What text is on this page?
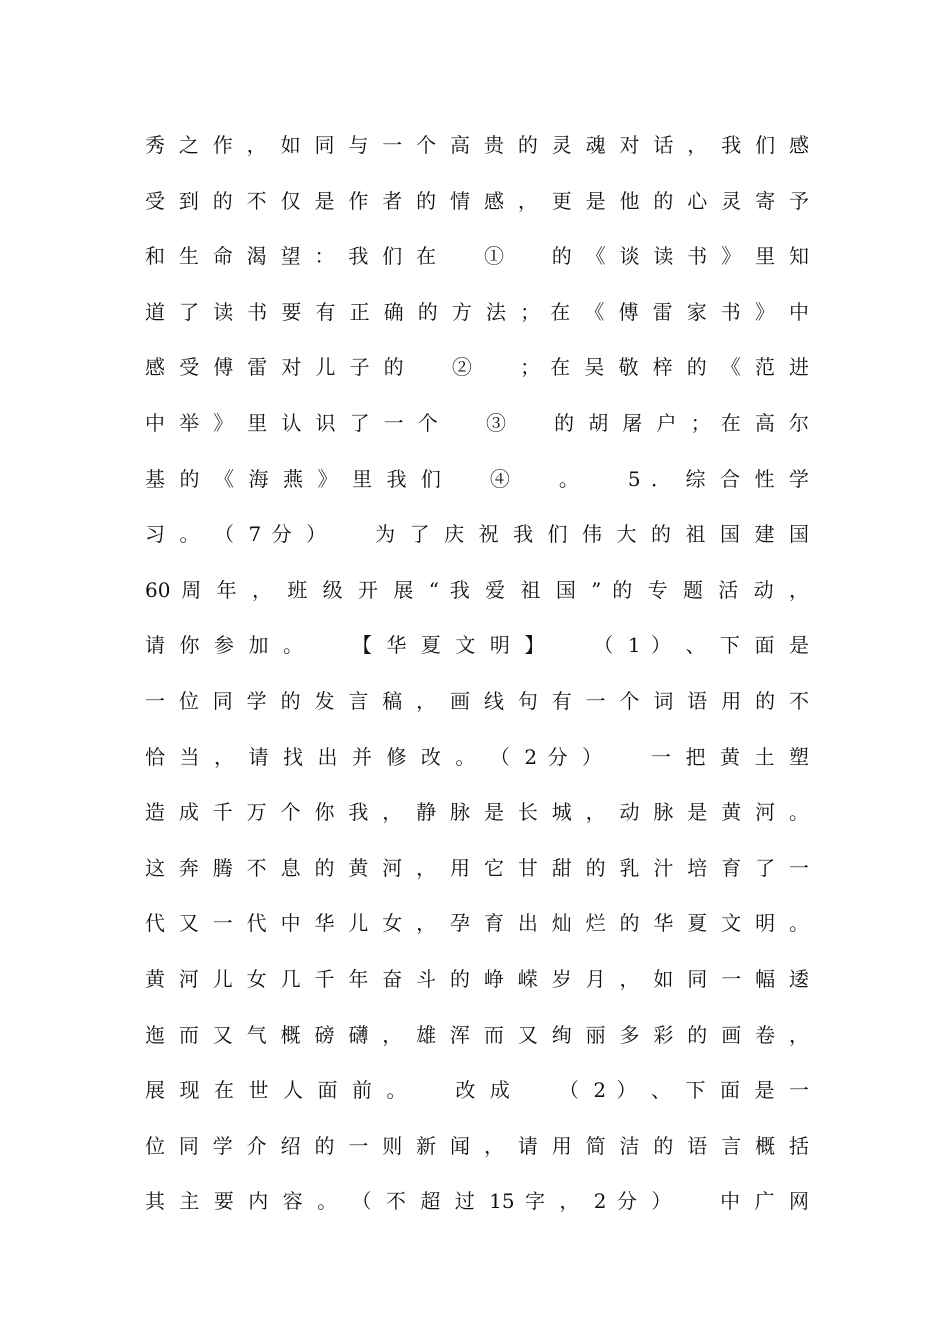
秀 之 作 ， 如 同 与 一 个 高 贵 的 灵 魂 对 话 ， 我 们 感
受 到 的 不 仅 是 作 者 的 情 感 ， 更 是 他 的 心 灵 寄 予
和 生 命 渴 望 ： 我 们 在 　 ① 　 的 《 谈 读 书 》 里 知
道 了 读 书 要 有 正 确 的 方 法 ； 在 《 傅 雷 家 书 》 中
感 受 傅 雷 对 儿 子 的 　 ② 　 ； 在 吴 敬 梓 的 《 范 进
中 举 》 里 认 识 了 一 个 　 ③ 　 的 胡 屠 户 ； 在 高 尔
基 的 《 海 燕 》 里 我 们 　 ④ 　 。 　 5 ． 综 合 性 学
习 。 （ 7 分 ） 　 为 了 庆 祝 我 们 伟 大 的 祖 国 建 国
60 周 年 ， 班 级 开 展 “ 我 爱 祖 国 ” 的 专 题 活 动 ，
请 你 参 加 。 　 【 华 夏 文 明 】 　 （ 1 ） 、 下 面 是
一 位 同 学 的 发 言 稿 ， 画 线 句 有 一 个 词 语 用 的 不
恰 当 ， 请 找 出 并 修 改 。 （ 2 分 ） 　 一 把 黄 土 塑
造 成 千 万 个 你 我 ， 静 脉 是 长 城 ， 动 脉 是 黄 河 。
这 奔 腾 不 息 的 黄 河 ， 用 它 甘 甜 的 乳 汁 培 育 了 一
代 又 一 代 中 华 儿 女 ， 孕 育 出 灿 烂 的 华 夏 文 明 。
黄 河 儿 女 几 千 年 奋 斗 的 峥 嵘 岁 月 ， 如 同 一 幅 逶
迤 而 又 气 概 磅 礴 ， 雄 浑 而 又 绚 丽 多 彩 的 画 卷 ，
展 现 在 世 人 面 前 。 　 改 成 　 （ 2 ） 、 下 面 是 一
位 同 学 介 绍 的 一 则 新 闻 ， 请 用 简 洁 的 语 言 概 括
其 主 要 内 容 。 （ 不 超 过 15 字 ， 2 分 ） 　 中 广 网
